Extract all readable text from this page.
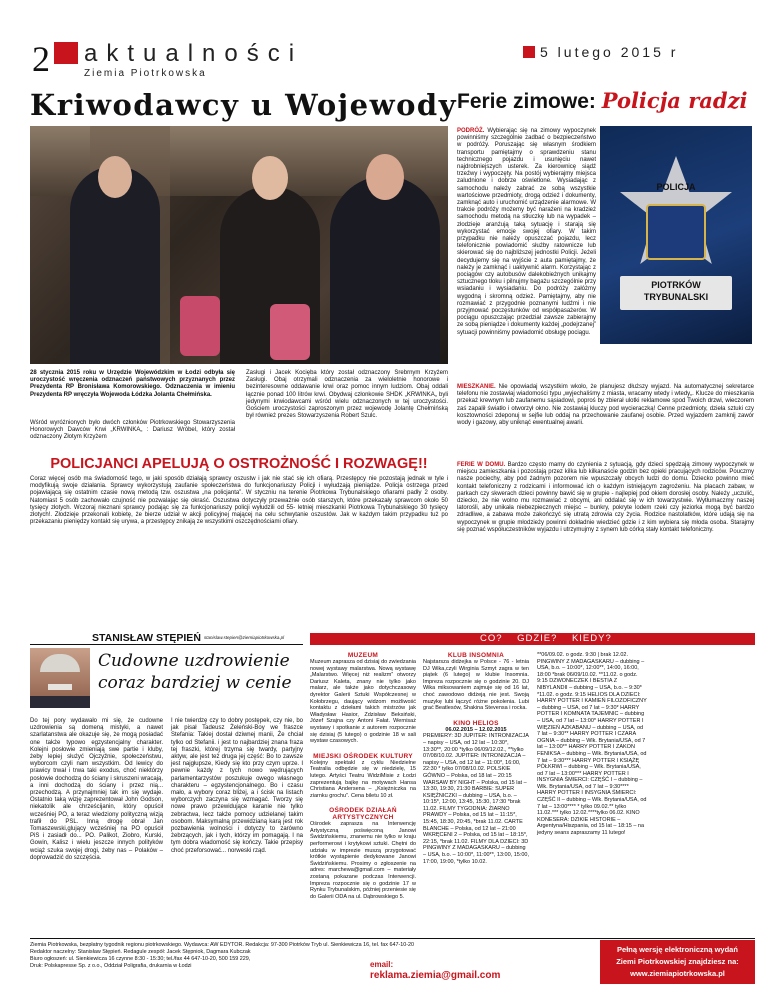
2 aktualności
Ziemia Piotrkowska
5 lutego 2015 r
Kriwodawcy u Wojewody
28 stycznia 2015 roku w Urzędzie Wojewódzkim w Łodzi odbyła się uroczystość wręczenia odznaczeń państwowych przyznanych przez Prezydenta RP Bronisława Komorowskiego. Odznaczenia w imieniu Prezydenta RP wręczyła Wojewoda Łódzka Jolanta Chełmińska.
Wśród wyróżnionych było dwóch członków Piotrkowskiego Stowarzyszenia Honorowych Dawców Krwi „KRWINKA„ : Dariusz Wróbel, który został odznaczony Złotym Krzyżem
Zasługi i Jacek Kocięba który został odznaczony Srebrnym Krzyżem Zasługi. Obaj otrzymali odznaczenia za wieloletnie honorowe i bezinteresowne oddawanie krwi oraz pomoc innym ludziom. Obaj oddali łącznie ponad 100 litrów krwi. Obydwaj członkowie SHDK „KRWINKA„ byli jedynymi krwiodawcami wśród wielu odznaczonych w tej uroczystości. Gościem uroczystości zaproszonym przez wojewodę Jolantę Chełmińską był również prezes Stowarzyszenia Robert Szulc.
POLICJANCI APELUJĄ O OSTROŻNOŚĆ I ROZWAGĘ!!
Coraz więcej osób ma świadomość tego, w jaki sposób działają sprawcy oszustw i jak nie stać się ich ofiarą. Przestępcy nie pozostają jednak w tyle i modyfikują swoje działania. Sprawcy wykorzystują zaufanie społeczeństwa do funkcjonariuszy Policji i wyłudzają pieniądze. Policja ostrzega przed pojawiającą się ostatnim czasie nową metodą tzw. oszustwa „na policjanta”. W styczniu na terenie Piotrkowa Trybunalskiego ofiarami padły 2 osoby. Natomiast 5 osób zachowało czujność nie pozwalając się okraść. Oszustwa dotyczyły przeważnie osób starszych, które przekazały sprawcom około 50 tysięcy złotych. Wczoraj nieznani sprawcy podając się za funkcjonariuszy policji wyłudzili od 55- letniej mieszkanki Piotrkowa Trybunalskiego 30 tysięcy złotych!. Złodzieje przekonali kobietę, że bierze udział w akcji policyjnej mającej na celu schwytanie oszustów. Jak w każdym takim przypadku tuż po przekazaniu pieniędzy kontakt się urywa, a przestępcy znikają ze wszystkimi oszczędnościami ofiary.
Ferie zimowe: Policja radzi
POLICJA
PIOTRKÓW
TRYBUNALSKI
PODRÓŻ. Wybierając się na zimowy wypoczynek powinniśmy szczególnie zadbać o bezpieczeństwo w podróży. Poruszając się własnym środkiem transportu pamiętajmy o sprawdzeniu stanu technicznego pojazdu i usunięciu nawet najdrobniejszych usterek. Za kierownicę siądź trzeźwy i wypoczęty. Na postój wybierajmy miejsca zaludnione i dobrze oświetlone. Wysiadając z samochodu należy zabrać ze sobą wszystkie wartościowe przedmioty, drogą odzież i dokumenty, zamknąć auto i uruchomić urządzenie alarmowe. W trakcie podróży możemy być narażeni na kradzież samochodu metodą na stłuczkę lub na wypadek – złodzieje aranżują taką sytuację i starają się wykorzystać emocje swojej ofiary. W takim przypadku nie należy opuszczać pojazdu, lecz telefonicznie powiadomić służby ratownicze lub skierować się do najbliższej jednostki Policji. Jeżeli decydujemy się na wyjście z auta pamiętajmy, że należy je zamknąć i uaktywnić alarm. Korzystając z pociągów czy autobusów dalekobieżnych unikajmy sztucznego tłoku i pilnujmy bagażu szczególnie przy wsiadaniu i wysiadaniu. Do podróży załóżmy wygodną i skromną odzież. Pamiętajmy, aby nie rozmawiać z przygodnie poznanymi ludźmi i nie przyjmować poczęstunków od współpasażerów. W pociągu opuszczając przedział zawsze zabierajmy ze sobą pieniądze i dokumenty każdej „podejrzanej” sytuacji powinniśmy powiadomić obsługę pociągu.
MIESZKANIE. Nie opowiadaj wszystkim wkoło, że planujesz dłuższy wyjazd. Na automatycznej sekretarce telefonu nie zostawiaj wiadomości typu „wyjechaliśmy z miasta, wracamy wtedy i wtedy„. Klucze do mieszkania przekaż krewnym lub zaufanemu sąsiadowi, poproś by zbierał ulotki reklamowe spod Twoich drzwi, wieczorem zaś zapalił światło i otworzył okno. Nie zostawiaj kluczy pod wycieraczką! Cenne przedmioty, dzieła sztuki czy kosztowności zdeponuj w sejfie lub oddaj na przechowanie zaufanej osobie. Przed wyjazdem zamknij zawór wody i gazowy, aby uniknąć ewentualnej awarii.
FERIE W DOMU. Bardzo często mamy do czynienia z sytuacją, gdy dzieci spędzają zimowy wypoczynek w miejscu zamieszkania i pozostają przez kilka lub kilkanaście godzin bez opieki pracujących rodziców. Pouczmy nasze pociechy, aby pod żadnym pozorem nie wpuszczały obcych ludzi do domu. Dziecko powinno mieć kontakt telefoniczny z rodzicami i informować ich o każdym istniejącym zagrożeniu. Na placach zabaw, w parkach czy skwerach dzieci powinny bawić się w grupie - najlepiej pod okiem dorosłej osoby. Należy „uczulić„ dziecko, że nie wolno mu rozmawiać z obcymi, ani oddalać się w ich towarzystwie. Wytłumaczmy naszej latorośli, aby unikała niebezpiecznych miejsc – bunkry, pokryte lodem rzeki czy jeziorka mogą być bardzo zdradliwe, a zabawa może zakończyć się utratą zdrowia czy życia. Rodzice nastolatków, które udają się na wypoczynek w grupie młodzieży powinni dokładnie wiedzieć gdzie i z kim wybiera się młoda osoba. Starajmy się poznać współuczestników wyjazdu i utrzymujmy z synem lub córką stały kontakt telefoniczny.
STANISŁAW STĘPIEŃ stanislaw.stepien@ziemiapiotrkowska.pl
Cudowne uzdrowienie
coraz bardziej w cenie
Do tej pory wydawało mi się, że cudowne uzdrowienia są domeną mistyki, a nawet szarlatanstwa ale okazuje się, że mogą posiadać one także typowo egzystencjalny charakter. Kolejni posłowie zmieniają swe partie i kluby, żeby lepiej służyć Ojczyźnie, społeczeństwu, wyborcom czyli nam wszystkim. Od lewicy do prawicy trwał i trwa taki exodus, choć niektórzy posłowie dochodzą do ściany i skruszeni wracają, a inni dochodzą do ściany i przez nią... przechodzą. A przynajmniej tak im się wydaje. Ostatnio taką wizję zaprezentował John Godson, niekatolik ale chrześcijanin, który opuścił wcześniej PO, a teraz wiedziony polityczną wizją trafił do PSL. Inną drogę obrał Jan Tomaszewski,glujący wcześniej na PO opuścił PiS i zasiadł do... PO. Palikot, Ziobro, Kurski, Gowin, Kalisz i wielu jeszcze innych polityków wciąż szuka swojej drogi, żeby nas – Polaków – doprowadzić do szczęścia.
I nie twierdzę czy to dobry postępek, czy nie, bo jak pisał Tadeusz Żeleński-Boy we fraszce Stefania: Takiej dostał dziwnej manii, Że chciał tylko od Stefanii. i jest to najbardziej znana fraza tej fraszki, której trzyma się twardy, partyjny aktyw, ale jest też druga jej część: Bo to zawsze jest najgłupsze, Kiedy się kto przy czym uprze. I pewnie każdy z tych nowo wędrujących parlamentarzystów poszukuje owego własnego charakteru – egzystencjonalnego. Bo i czasu mało, a wybory coraz bliżej, a i ścisk na listach wyborczych zaczyna się wzmagać. Tworzy się nowe prawo przewidujące karanie nie tylko zebractwa, lecz także pomocy udzielanej takim osobom. Maksymalną przewidzianą karą jest rok pozbawienia wolności i dotyczy to zarówno żebrzących, jak i tych, którzy im pomagają. I na tym dobra wiadomość się kończy. Takie przepisy choć przeforsować... norweski rząd.
CO?    GDZIE?    KIEDY?
MUZEUM
Muzeum zaprasza od dzisiaj do zwiedzania nowej wystawy malarstwa. Nową wystawę „Malarstwo. Więcej niż realizm” otworzy Dariusz Kaleta, znany nie tylko jako malarz, ale także jako dotychczasowy dyrektor Galerii Sztuki Współczesnej w Kołobrzegu, daujący widzom możliwość kontaktu z dziełami takich mistrzów jak Władysław Hasior, Zdzisław Beksiński, Józef Szajna czy Antoni Fałat. Wernisaż wystawy i spotkanie z autorem rozpocznie się dzisiaj (5 lutego) o godzinie 18 w sali wystaw czasowych.
MIEJSKI OŚRODEK KULTURY
Kolejny spektakl z cyklu Niedzielne Teatralia odbędzie się w niedzielę, 15 lutego. Artyści Teatru WidziMisie z Łodzi zaprezentują bajkę na motywach Hansa Christiana Andersena – „Księżniczka na ziarnku grochu”. Cena biletu 10 zł.
OŚRODEK DZIAŁAŃ ARTYSTYCZNYCH
Ośrodek zaprasza na Interwencję Artystyczną poświęconą Janowi Świdzińskiemu, znanemu nie tylko w kraju performerowi i krytykowi sztuki. Chętni do udziału w imprezie muszą przygotować krótkie wystąpienie dedykowane Janowi Świdzińskiemu. Prosimy o zgłoszenie na adres: marchewa@gmail.com – materiały zostaną pokazane podczas Interwencji. Impreza rozpocznie się o godzinie 17 w Rynku Trybunalskim, później przeniesie się do Galerii ODA na ul. Dąbrowskiego 5.
KLUB INSOMNIA
Najstarsza didżejka w Polsce - 76 - letnia DJ Wika,czyli Wirginia Szmyt zagra w ten piątek (6 lutego) w klubie Insomnia. Impreza rozpocznie się o godzinie 20. DJ Wika miksowaniem zajmuje się od 16 lat, choć zawodowo didżeją nie jest. Swoją muzykę lubi łączyć różne pokolenia. Lubi grać Beatlesów, Shakina Stevensa i rocka.
KINO HELIOS
06.02.2015 – 12.02.2015
PREMIERY: 3D JUPITER: INTRONIZACJA – napisy – USA, od 12 lat – 10:30*, 13:30**, 20:00 *tylko 06/09/12.02., **tylko 07/08/10.02. JUPITER: INTRONIZACJA – napisy – USA, od 12 lat – 11:00*, 16:00, 22:30 * tylko 07/08/10.02. POLSKIE GÓWNO – Polska, od 18 lat – 20:15 WARSAW BY NIGHT – Polska, od 15 lat – 13:30, 19:30, 21:30 BARBIE: SUPER KSIĘŻNICZKI – dubbing – USA, b.o. – 10:15*, 12:00, 13:45, 15:30, 17:30 *brak 11.02. FILMY TYGODNIA: ŻIARNO PRAWDY – Polska, od 15 lat – 11:15*, 15:45, 18:30, 20:45, *brak 11.02. CARTE BLANCHE – Polska, od 12 lat – 21:00 WKRĘCENI 2 – Polska, od 15 lat – 18:15*, 22:15, *brak 11.02. FILMY DLA DZIECI: 3D PINGWINY Z MADAGASKARU – dubbing – USA, b.o. – 10:00*, 11:00**, 13:00, 15:00, 17:00, 19:00, *tylko 10.02.
**06/09.02. o godz. 9:30 | brak 12.02. PINGWINY Z MADAGASKARU – dubbing – USA, b.o. – 10:00*, 12:00**, 14:00, 16:00, 18:00 *brak 06/09/10.02. **11.02. o godz. 9:15 DZWONECZEK I BESTIA Z NIBYLANDII – dubbing – USA, b.o. – 9:30* *11.02. o godz. 9:15 HELIOS DLA DZIECI: HARRY POTTER I KAMIEŃ FILOZOFICZNY – dubbing – USA, od 7 lat – 9:30* HARRY POTTER I KOMNATA TAJEMNIC – dubbing – USA, od 7 lat – 13:00* HARRY POTTER I WIĘZIEŃ AZKABANU – dubbing – USA, od 7 lat – 9:30** HARRY POTTER I CZARA OGNIA – dubbing – Wlk. Brytania/USA, od 7 lat – 13:00** HARRY POTTER I ZAKON FENIKSA – dubbing – Wlk. Brytania/USA, od 7 lat – 9:30*** HARRY POTTER I KSIĄŻĘ PÓŁKRWI – dubbing – Wlk. Brytania/USA, od 7 lat – 13:00*** HARRY POTTER I INSYGNIA ŚMIERCI: CZĘŚĆ I – dubbing – Wlk. Brytania/USA, od 7 lat – 9:30**** HARRY POTTER I INSYGNIA ŚMIERCI: CZĘŚĆ II – dubbing – Wlk. Brytania/USA, od 7 lat – 13:00**** * tylko 09.02.** tylko 11.02.*** tylko 12.02.****tylko 06.02. KINO KONESERA: DZIKIE HISTORIE – Argentyna/Hiszpania, od 15 lat – 18:15 – na jedyny seans zapraszamy 11 lutego!
Ziemia Piotrkowska, bezpłatny tygodnik regionu piotrkowskiego. Wydawca: AW EDYTOR. Redakcja: 97-300 Piotrków Tryb ul. Sienkiewicza 16, tel. fax 647-10-20
Redaktor naczelny: Stanisław Stępień. Redagule zespół: Jacek Stępniok, Dagmara Kubczak
Biuro ogłoszeń: ul. Sienkiewicza 16 czynne 8:30 - 15:30; tel./fax 44 647-10-20, 500 159 229,
Druk: Polskapresse Sp. z o.o., Oddział Poligrafia, drukarnia w Łodzi	email:
reklama.ziemia@gmail.com
Pełną wersję elektroniczną wydań
Ziemi Piotrkowskiej znajdziesz na:
www.ziemiapiotrkowska.pl
